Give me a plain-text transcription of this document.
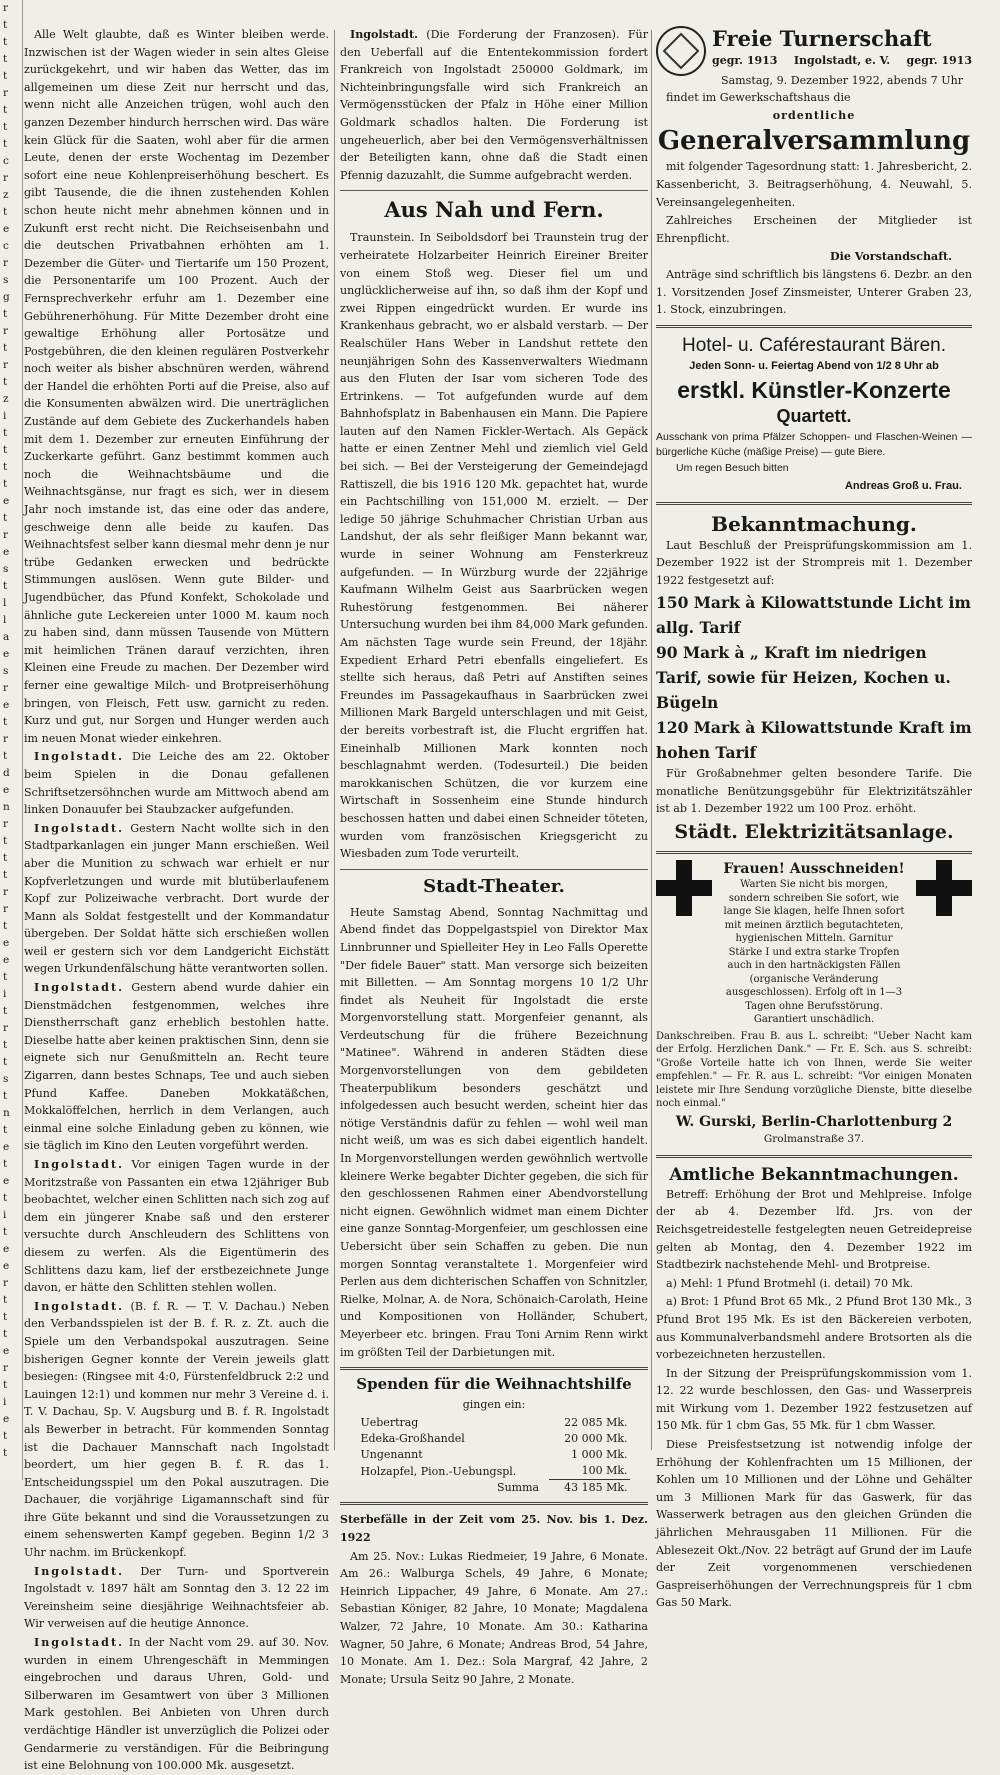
r
t
t
t
t
r
t
t
t
c
r
z
t
e
c
r
s
g
t
r
t
r
t
z
i
t
t
t
t
e
t
r
e
s
t
l
l
a
e
s
r
e
t
r
t
d
e
n
r
t
t
t
r
r
t
e
e
t
i
t
r
t
t
s
t
n
t
e
t
e
t
i
t
e
e
r
t
t
t
e
r
t
i
e
t
t

Alle Welt glaubte, daß es Winter bleiben werde. Inzwischen ist der Wagen wieder in sein altes Gleise zurückgekehrt, und wir haben das Wetter, das im allgemeinen um diese Zeit nur herrscht und das, wenn nicht alle Anzeichen trügen, wohl auch den ganzen Dezember hindurch herrschen wird. Das wäre kein Glück für die Saaten, wohl aber für die armen Leute, denen der erste Wochentag im Dezember sofort eine neue Kohlenpreiserhöhung beschert. Es gibt Tausende, die die ihnen zustehenden Kohlen schon heute nicht mehr abnehmen können und in Zukunft erst recht nicht. Die Reichseisenbahn und die deutschen Privatbahnen erhöhten am 1. Dezember die Güter- und Tiertarife um 150 Prozent, die Personentarife um 100 Prozent. Auch der Fernsprechverkehr erfuhr am 1. Dezember eine Gebührenerhöhung. Für Mitte Dezember droht eine gewaltige Erhöhung aller Portosätze und Postgebühren, die den kleinen regulären Postverkehr noch weiter als bisher abschnüren werden, während der Handel die erhöhten Porti auf die Preise, also auf die Konsumenten abwälzen wird. Die unerträglichen Zustände auf dem Gebiete des Zuckerhandels haben mit dem 1. Dezember zur erneuten Einführung der Zuckerkarte geführt. Ganz bestimmt kommen auch noch die Weihnachtsbäume und die Weihnachtsgänse, nur fragt es sich, wer in diesem Jahr noch imstande ist, das eine oder das andere, geschweige denn alle beide zu kaufen. Das Weihnachtsfest selber kann diesmal mehr denn je nur trübe Gedanken erwecken und bedrückte Stimmungen auslösen. Wenn gute Bilder- und Jugendbücher, das Pfund Konfekt, Schokolade und ähnliche gute Leckereien unter 1000 M. kaum noch zu haben sind, dann müssen Tausende von Müttern mit heimlichen Tränen darauf verzichten, ihren Kleinen eine Freude zu machen. Der Dezember wird ferner eine gewaltige Milch- und Brotpreiserhöhung bringen, von Fleisch, Fett usw. garnicht zu reden. Kurz und gut, nur Sorgen und Hunger werden auch im neuen Monat wieder einkehren.

Ingolstadt. Die Leiche des am 22. Oktober beim Spielen in die Donau gefallenen Schriftsetzersöhnchen wurde am Mittwoch abend am linken Donauufer bei Staubzacker aufgefunden.

Ingolstadt. Gestern Nacht wollte sich in den Stadtparkanlagen ein junger Mann erschießen. Weil aber die Munition zu schwach war erhielt er nur Kopfverletzungen und wurde mit blutüberlaufenem Kopf zur Polizeiwache verbracht. Dort wurde der Mann als Soldat festgestellt und der Kommandatur übergeben. Der Soldat hätte sich erschießen wollen weil er gestern sich vor dem Landgericht Eichstätt wegen Urkundenfälschung hätte verantworten sollen.

Ingolstadt. Gestern abend wurde dahier ein Dienstmädchen festgenommen, welches ihre Dienstherrschaft ganz erheblich bestohlen hatte. Dieselbe hatte aber keinen praktischen Sinn, denn sie eignete sich nur Genußmitteln an. Recht teure Zigarren, dann bestes Schnaps, Tee und auch sieben Pfund Kaffee. Daneben Mokkatäßchen, Mokkalöffelchen, herrlich in dem Verlangen, auch einmal eine solche Einladung geben zu können, wie sie täglich im Kino den Leuten vorgeführt werden.

Ingolstadt. Vor einigen Tagen wurde in der Moritzstraße von Passanten ein etwa 12jähriger Bub beobachtet, welcher einen Schlitten nach sich zog auf dem ein jüngerer Knabe saß und den ersterer versuchte durch Anschleudern des Schlittens von diesem zu werfen. Als die Eigentümerin des Schlittens dazu kam, lief der erstbezeichnete Junge davon, er hätte den Schlitten stehlen wollen.

Ingolstadt. (B. f. R. — T. V. Dachau.) Neben den Verbandsspielen ist der B. f. R. z. Zt. auch die Spiele um den Verbandspokal auszutragen. Seine bisherigen Gegner konnte der Verein jeweils glatt besiegen: (Ringsee mit 4:0, Fürstenfeldbruck 2:2 und Lauingen 12:1) und kommen nur mehr 3 Vereine d. i. T. V. Dachau, Sp. V. Augsburg und B. f. R. Ingolstadt als Bewerber in betracht. Für kommenden Sonntag ist die Dachauer Mannschaft nach Ingolstadt beordert, um hier gegen B. f. R. das 1. Entscheidungsspiel um den Pokal auszutragen. Die Dachauer, die vorjährige Ligamannschaft sind für ihre Güte bekannt und sind die Voraussetzungen zu einem sehenswerten Kampf gegeben. Beginn 1/2 3 Uhr nachm. im Brückenkopf.

Ingolstadt. Der Turn- und Sportverein Ingolstadt v. 1897 hält am Sonntag den 3. 12 22 im Vereinsheim seine diesjährige Weihnachtsfeier ab. Wir verweisen auf die heutige Annonce.

Ingolstadt. In der Nacht vom 29. auf 30. Nov. wurden in einem Uhrengeschäft in Memmingen eingebrochen und daraus Uhren, Gold- und Silberwaren im Gesamtwert von über 3 Millionen Mark gestohlen. Bei Anbieten von Uhren durch verdächtige Händler ist unverzüglich die Polizei oder Gendarmerie zu verständigen. Für die Beibringung ist eine Belohnung von 100.000 Mk. ausgesetzt.

Ingolstadt. (Die Forderung der Franzosen). Für den Ueberfall auf die Ententekommission fordert Frankreich von Ingolstadt 250000 Goldmark, im Nichteinbringungsfalle wird sich Frankreich an Vermögensstücken der Pfalz in Höhe einer Million Goldmark schadlos halten. Die Forderung ist ungeheuerlich, aber bei den Vermögensverhältnissen der Beteiligten kann, ohne daß die Stadt einen Pfennig dazuzahlt, die Summe aufgebracht werden.

Aus Nah und Fern.

Traunstein. In Seiboldsdorf bei Traunstein trug der verheiratete Holzarbeiter Heinrich Eireiner Breiter von einem Stoß weg. Dieser fiel um und unglücklicherweise auf ihn, so daß ihm der Kopf und zwei Rippen eingedrückt wurden. Er wurde ins Krankenhaus gebracht, wo er alsbald verstarb. — Der Realschüler Hans Weber in Landshut rettete den neunjährigen Sohn des Kassenverwalters Wiedmann aus den Fluten der Isar vom sicheren Tode des Ertrinkens. — Tot aufgefunden wurde auf dem Bahnhofsplatz in Babenhausen ein Mann. Die Papiere lauten auf den Namen Fickler-Wertach. Als Gepäck hatte er einen Zentner Mehl und ziemlich viel Geld bei sich. — Bei der Versteigerung der Gemeindejagd Rattiszell, die bis 1916 120 Mk. gepachtet hat, wurde ein Pachtschilling von 151,000 M. erzielt. — Der ledige 50 jährige Schuhmacher Christian Urban aus Landshut, der als sehr fleißiger Mann bekannt war, wurde in seiner Wohnung am Fensterkreuz aufgefunden. — In Würzburg wurde der 22jährige Kaufmann Wilhelm Geist aus Saarbrücken wegen Ruhestörung festgenommen. Bei näherer Untersuchung wurden bei ihm 84,000 Mark gefunden. Am nächsten Tage wurde sein Freund, der 18jähr. Expedient Erhard Petri ebenfalls eingeliefert. Es stellte sich heraus, daß Petri auf Anstiften seines Freundes im Passagekaufhaus in Saarbrücken zwei Millionen Mark Bargeld unterschlagen und mit Geist, der bereits vorbestraft ist, die Flucht ergriffen hat. Eineinhalb Millionen Mark konnten noch beschlagnahmt werden. (Todesurteil.) Die beiden marokkanischen Schützen, die vor kurzem eine Wirtschaft in Sossenheim eine Stunde hindurch beschossen hatten und dabei einen Schneider töteten, wurden vom französischen Kriegsgericht zu Wiesbaden zum Tode verurteilt.

Stadt-Theater.

Heute Samstag Abend, Sonntag Nachmittag und Abend findet das Doppelgastspiel von Direktor Max Linnbrunner und Spielleiter Hey in Leo Falls Operette "Der fidele Bauer" statt. Man versorge sich beizeiten mit Billetten. — Am Sonntag morgens 10 1/2 Uhr findet als Neuheit für Ingolstadt die erste Morgenvorstellung statt. Morgenfeier genannt, als Verdeutschung für die frühere Bezeichnung "Matinee". Während in anderen Städten diese Morgenvorstellungen von dem gebildeten Theaterpublikum besonders geschätzt und infolgedessen auch besucht werden, scheint hier das nötige Verständnis dafür zu fehlen — wohl weil man nicht weiß, um was es sich dabei eigentlich handelt. In Morgenvorstellungen werden gewöhnlich wertvolle kleinere Werke begabter Dichter gegeben, die sich für den geschlossenen Rahmen einer Abendvorstellung nicht eignen. Gewöhnlich widmet man einem Dichter eine ganze Sonntag-Morgenfeier, um geschlossen eine Uebersicht über sein Schaffen zu geben. Die nun morgen Sonntag veranstaltete 1. Morgenfeier wird Perlen aus dem dichterischen Schaffen von Schnitzler, Rielke, Molnar, A. de Nora, Schönaich-Carolath, Heine und Kompositionen von Holländer, Schubert, Meyerbeer etc. bringen. Frau Toni Arnim Renn wirkt im größten Teil der Darbietungen mit.

Spenden für die Weihnachtshilfe
gingen ein:
Uebertrag	22 085 Mk.
Edeka-Großhandel	20 000 Mk.
Ungenannt	1 000 Mk.
Holzapfel, Pion.-Uebungspl.	100 Mk.
Summa	43 185 Mk.

Sterbefälle in der Zeit vom 25. Nov. bis 1. Dez. 1922

Am 25. Nov.: Lukas Riedmeier, 19 Jahre, 6 Monate. Am 26.: Walburga Schels, 49 Jahre, 6 Monate; Heinrich Lippacher, 49 Jahre, 6 Monate. Am 27.: Sebastian Königer, 82 Jahre, 10 Monate; Magdalena Walzer, 72 Jahre, 10 Monate. Am 30.: Katharina Wagner, 50 Jahre, 6 Monate; Andreas Brod, 54 Jahre, 10 Monate. Am 1. Dez.: Sola Margraf, 42 Jahre, 2 Monate; Ursula Seitz 90 Jahre, 2 Monate.

Freie Turnerschaft
gegr. 1913 Ingolstadt, e. V. gegr. 1913
Samstag, 9. Dezember 1922, abends 7 Uhr
findet im Gewerkschaftshaus die
ordentliche
Generalversammlung

mit folgender Tagesordnung statt: 1. Jahresbericht, 2. Kassenbericht, 3. Beitragserhöhung, 4. Neuwahl, 5. Vereinsangelegenheiten.

Zahlreiches Erscheinen der Mitglieder ist Ehrenpflicht.

Die Vorstandschaft.

Anträge sind schriftlich bis längstens 6. Dezbr. an den 1. Vorsitzenden Josef Zinsmeister, Unterer Graben 23, 1. Stock, einzubringen.

Hotel- u. Caférestaurant Bären.
Jeden Sonn- u. Feiertag Abend von 1/2 8 Uhr ab
erstkl. Künstler-Konzerte
Quartett.
Ausschank von prima Pfälzer Schoppen- und Flaschen-Weinen — bürgerliche Küche (mäßige Preise) — gute Biere.
Um regen Besuch bitten
Andreas Groß u. Frau.
Bekanntmachung.

Laut Beschluß der Preisprüfungskommission am 1. Dezember 1922 ist der Strompreis mit 1. Dezember 1922 festgesetzt auf:

150 Mark à Kilowattstunde Licht im allg. Tarif
90 Mark à „ Kraft im niedrigen
Tarif, sowie für Heizen, Kochen u. Bügeln
120 Mark à Kilowattstunde Kraft im hohen Tarif

Für Großabnehmer gelten besondere Tarife. Die monatliche Benützungsgebühr für Elektrizitätszähler ist ab 1. Dezember 1922 um 100 Proz. erhöht.

Städt. Elektrizitätsanlage.
Frauen! Ausschneiden!
Warten Sie nicht bis morgen, sondern schreiben Sie sofort, wie lange Sie klagen, helfe Ihnen sofort mit meinen ärztlich begutachteten, hygienischen Mitteln. Garnitur Stärke I und extra starke Tropfen auch in den hartnäckigsten Fällen (organische Veränderung ausgeschlossen). Erfolg oft in 1—3 Tagen ohne Berufsstörung. Garantiert unschädlich.
Dankschreiben. Frau B. aus L. schreibt: "Ueber Nacht kam der Erfolg. Herzlichen Dank." — Fr. E. Sch. aus S. schreibt: "Große Vorteile hatte ich von Ihnen, werde Sie weiter empfehlen." — Fr. R. aus L. schreibt: "Vor einigen Monaten leistete mir Ihre Sendung vorzügliche Dienste, bitte dieselbe noch einmal."
W. Gurski, Berlin-Charlottenburg 2
Grolmanstraße 37.
Amtliche Bekanntmachungen.

Betreff: Erhöhung der Brot und Mehlpreise. Infolge der ab 4. Dezember lfd. Jrs. von der Reichsgetreidestelle festgelegten neuen Getreidepreise gelten ab Montag, den 4. Dezember 1922 im Stadtbezirk nachstehende Mehl- und Brotpreise.

a) Mehl: 1 Pfund Brotmehl (i. detail) 70 Mk.

a) Brot: 1 Pfund Brot 65 Mk., 2 Pfund Brot 130 Mk., 3 Pfund Brot 195 Mk. Es ist den Bäckereien verboten, aus Kommunalverbandsmehl andere Brotsorten als die vorbezeichneten herzustellen.

In der Sitzung der Preisprüfungskommission vom 1. 12. 22 wurde beschlossen, den Gas- und Wasserpreis mit Wirkung vom 1. Dezember 1922 festzusetzen auf 150 Mk. für 1 cbm Gas, 55 Mk. für 1 cbm Wasser.

Diese Preisfestsetzung ist notwendig infolge der Erhöhung der Kohlenfrachten um 15 Millionen, der Kohlen um 10 Millionen und der Löhne und Gehälter um 3 Millionen Mark für das Gaswerk, für das Wasserwerk betragen aus den gleichen Gründen die jährlichen Mehrausgaben 11 Millionen. Für die Ablesezeit Okt./Nov. 22 beträgt auf Grund der im Laufe der Zeit vorgenommenen verschiedenen Gaspreiserhöhungen der Verrechnungspreis für 1 cbm Gas 50 Mark.
